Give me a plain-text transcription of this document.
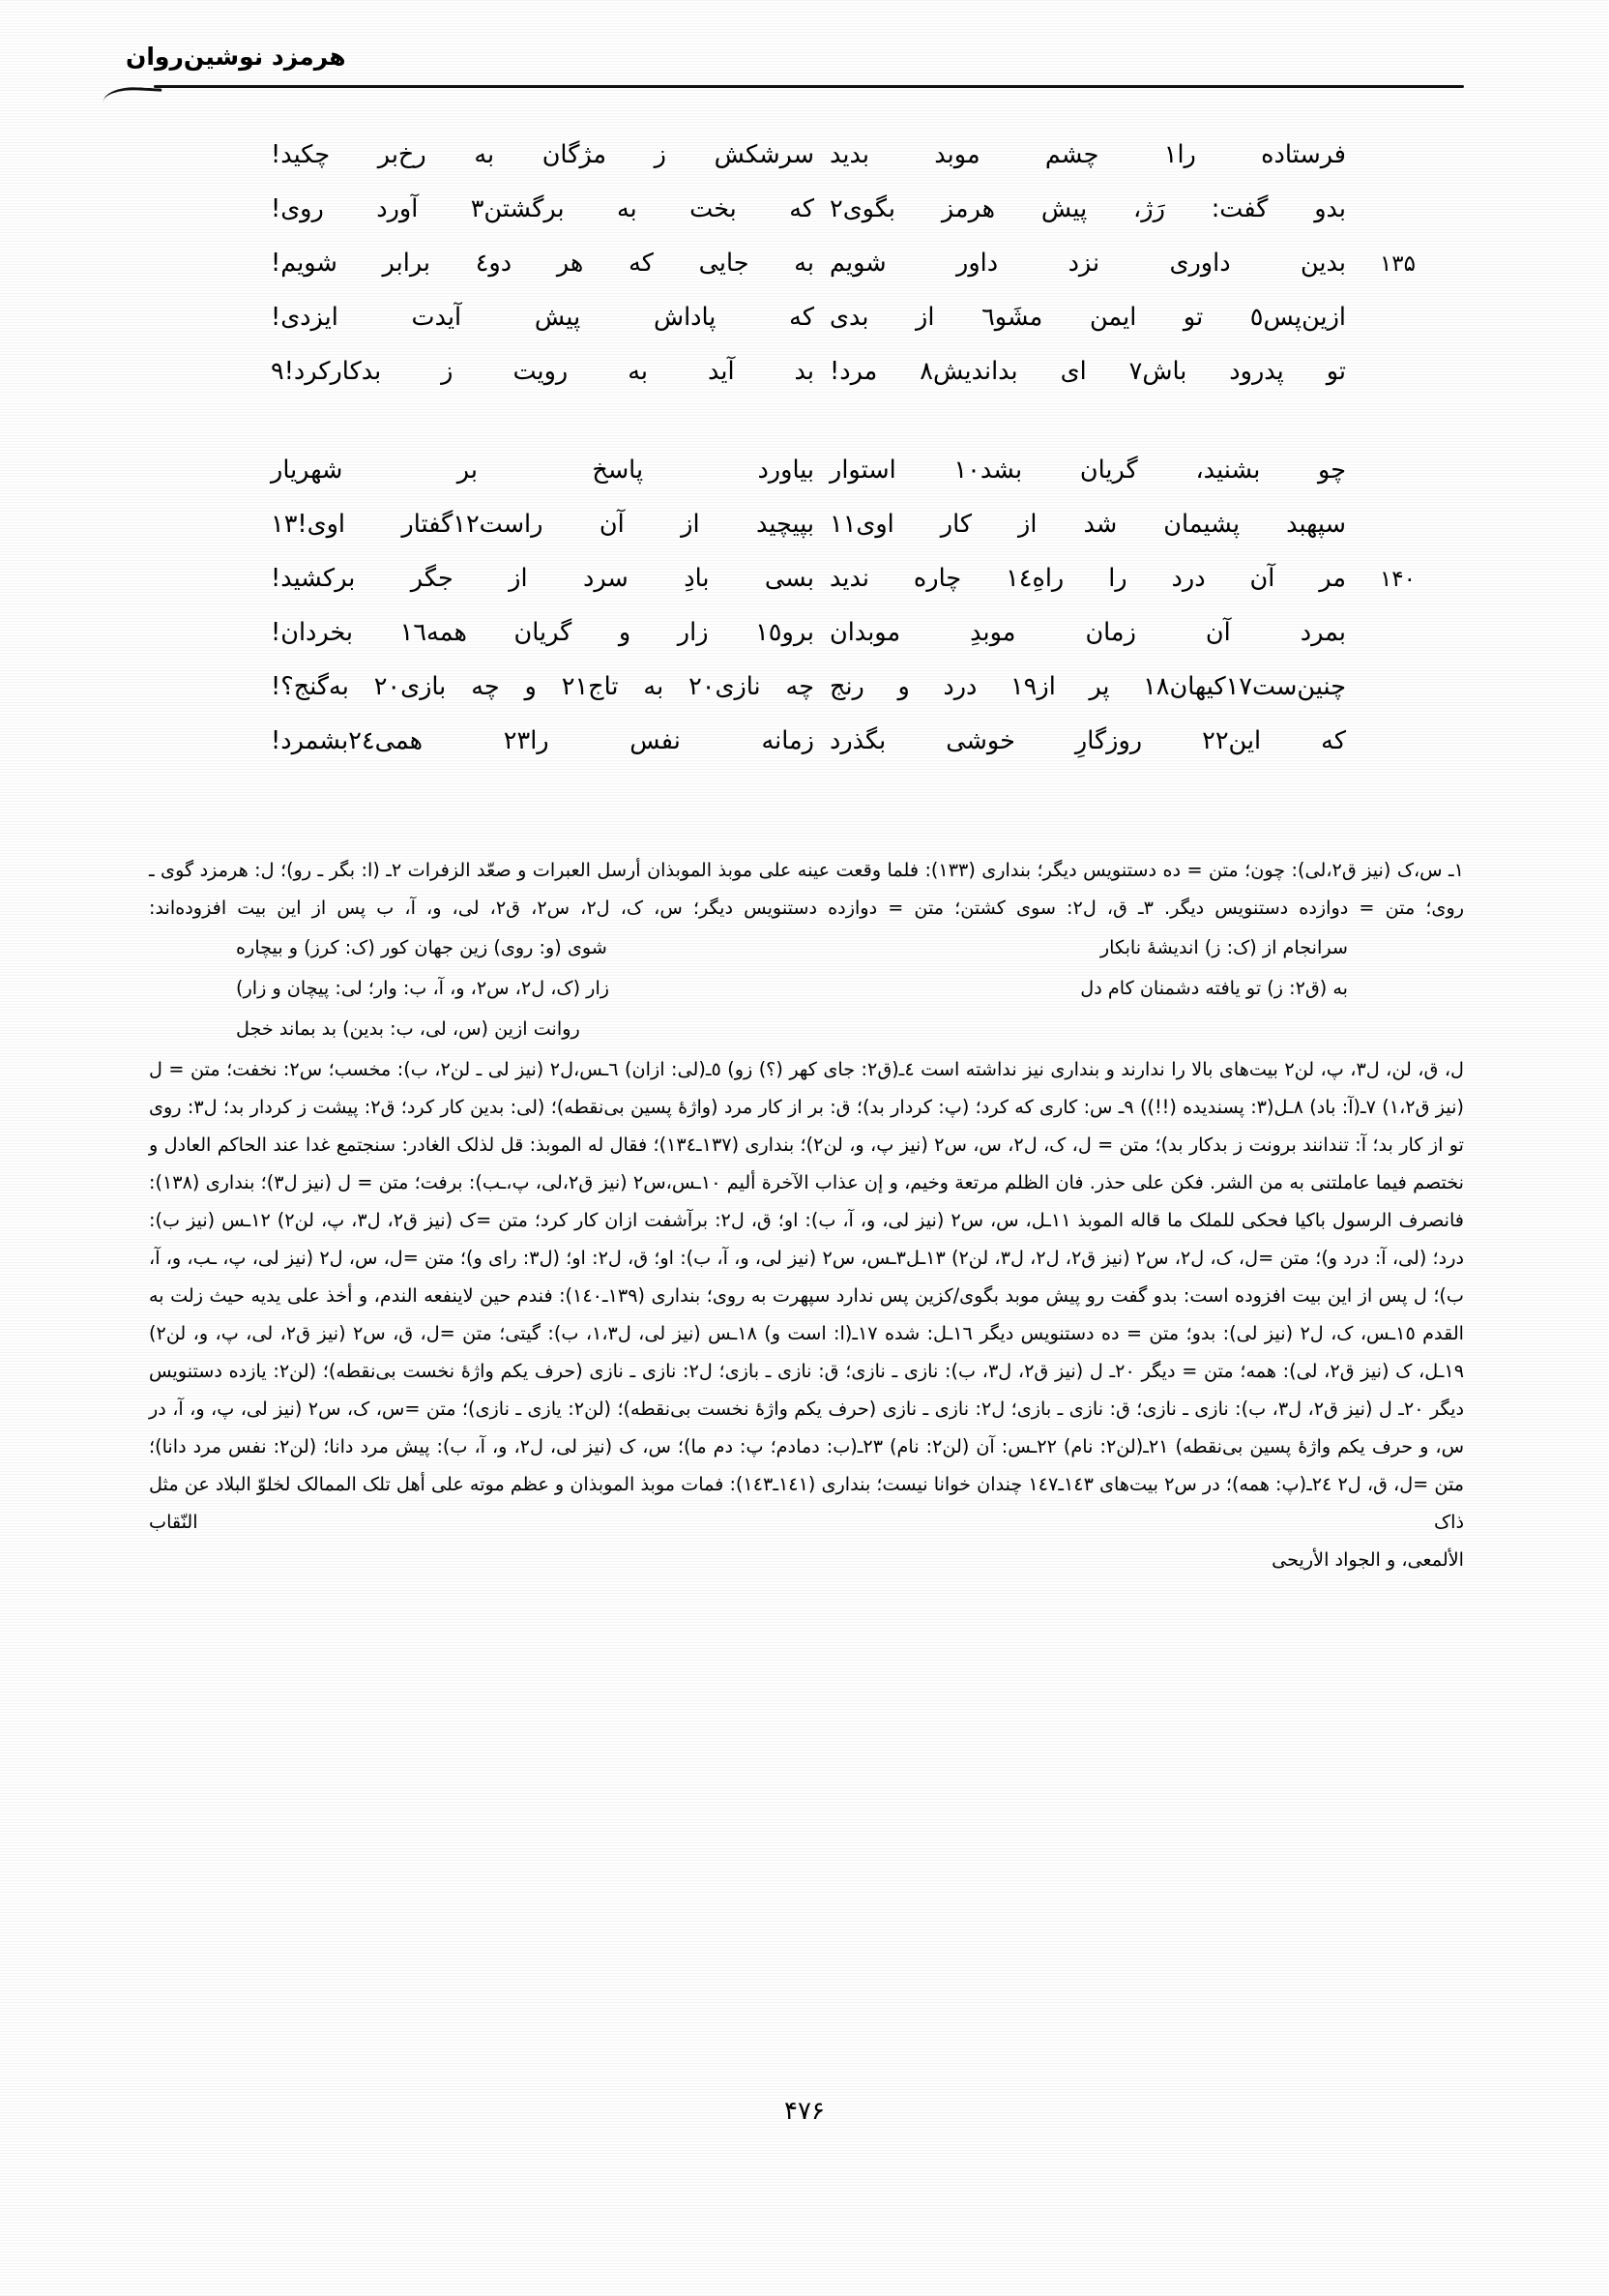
هرمزد نوشین‌روان
فرستاده را١ چشم موبد بدید
سرشکش ز مژگان به رخ‌بر چکید!
بدو گفت: رَژ، پیش هرمز بگوی٢
که بخت به برگشتن٣ آورد روی!
۱۳۵
بدین داوری نزد داور شویم
به جایی که هر دو٤ برابر شویم!
ازین‌پس٥ تو ایمن مشَو٦ از بدی
که پاداش پیش آیدت ایزدی!
تو پدرود باش٧ ای بداندیش٨ مرد!
بد آید به رویت ز بدکارکرد!٩
چو بشنید، گریان بشد١٠ استوار
بیاورد پاسخ بر شهریار
سپهبد پشیمان شد از کار اوی١١
بپیچید از آن راست١٢گفتار اوی!١٣
۱۴۰
مر آن درد را راهِ١٤ چاره ندید
بسی بادِ سرد از جگر برکشید!
بمرد آن زمان موبدِ موبدان
برو١٥ زار و گریان همه١٦ بخردان!
چنین‌ست١٧کیهان١٨ پر از١٩ درد و رنج
چه نازی٢٠ به تاج٢١ و چه بازی٢٠ به‌گنج؟!
که این٢٢ روزگارِ خوشی بگذرد
زمانه نفس را٢٣ همی٢٤بشمرد!

١ـ س،ک (نیز ق٢،لی): چون؛ متن = ده دستنویس دیگر؛ بنداری (١٣٣): فلما وقعت عینه علی موبذ الموبذان أرسل العبرات و صعّد الزفرات ٢ـ (ا: بگر ـ رو)؛ ل: هرمزد گوی ـ روی؛ متن = دوازده دستنویس دیگر. ٣ـ ق، ل٢: سوی کشتن؛ متن = دوازده دستنویس دیگر؛ س، ک، ل٢، س٢، ق٢، لی، و، آ، ب پس از این بیت افزوده‌اند:

سرانجام از (ک: ز) اندیشهٔ نابکار
شوی (و: روی) زین جهان کور (ک: کرز) و بیچاره
به (ق٢: ز) تو یافته دشمنان کام دل
زار (ک، ل٢، س٢، و، آ، ب: وار؛ لی: پیچان و زار)
روانت ازین (س، لی، ب: بدین) بد بماند خجل

ل، ق، لن، ل٣، پ، لن٢ بیت‌های بالا را ندارند و بنداری نیز نداشته است ٤ـ(ق٢: جای کهر (؟) زو) ٥ـ(لی: ازان) ٦ـس،ل٢ (نیز لی ـ لن٢، ب): مخسب؛ س٢: نخفت؛ متن = ل (نیز ق١،٢) ٧ـ(آ: باد) ٨ـل(٣: پسندیده (!!)) ٩ـ س: کاری که کرد؛ (پ: کردار بد)؛ ق: بر از کار مرد (واژهٔ پسین بی‌نقطه)؛ (لی: بدین کار کرد؛ ق٢: پیشت ز کردار بد؛ ل٣: روی تو از کار بد؛ آ: تندانند برونت ز بدکار بد)؛ متن = ل، ک، ل٢، س، س٢ (نیز پ، و، لن٢)؛ بنداری (١٣٧ـ١٣٤)؛ فقال له الموبذ: قل لذلک الغادر: سنجتمع غدا عند الحاکم العادل و نختصم فیما عاملتنی به من الشر. فکن علی حذر. فان الظلم مرتعة وخیم، و إن عذاب الآخرة ألیم ١٠ـس،س٢ (نیز ق٢،لی، پ،ـب): برفت؛ متن = ل (نیز ل٣)؛ بنداری (١٣٨): فانصرف الرسول باکیا فحکی للملک ما قاله الموبذ ١١ـل، س، س٢ (نیز لی، و، آ، ب): او؛ ق، ل٢: برآشفت ازان کار کرد؛ متن =ک (نیز ق٢، ل٣، پ، لن٢) ١٢ـس (نیز ب): درد؛ (لی، آ: درد و)؛ متن =ل، ک، ل٢، س٢ (نیز ق٢، ل٢، ل٣، لن٢) ١٣ـل٣ـس، س٢ (نیز لی، و، آ، ب): او؛ ق، ل٢: او؛ (ل٣: رای و)؛ متن =ل، س، ل٢ (نیز لی، پ، ـب، و، آ، ب)؛ ل پس از این بیت افزوده است: بدو گفت رو پیش موبد بگوی/کزین پس ندارد سپهرت به روی؛ بنداری (١٣٩ـ١٤٠): فندم حین لاینفعه الندم، و أخذ علی یدیه حیث زلت به القدم ١٥ـس، ک، ل٢ (نیز لی): بدو؛ متن = ده دستنویس دیگر ١٦ـل: شده ١٧ـ(ا: است و) ١٨ـس (نیز لی، ل١،٣، ب): گیتی؛ متن =ل، ق، س٢ (نیز ق٢، لی، پ، و، لن٢) ١٩ـل، ک (نیز ق٢، لی): همه؛ متن = دیگر ٢٠ـ ل (نیز ق٢، ل٣، ب): نازی ـ نازی؛ ق: نازی ـ بازی؛ ل٢: نازی ـ نازی (حرف یکم واژهٔ نخست بی‌نقطه)؛ (لن٢: یازده دستنویس دیگر ٢٠ـ ل (نیز ق٢، ل٣، ب): نازی ـ نازی؛ ق: نازی ـ بازی؛ ل٢: نازی ـ نازی (حرف یکم واژهٔ نخست بی‌نقطه)؛ (لن٢: یازی ـ نازی)؛ متن =س، ک، س٢ (نیز لی، پ، و، آ، در س، و حرف یکم واژهٔ پسین بی‌نقطه) ٢١ـ(لن٢: نام) ٢٢ـس: آن (لن٢: نام) ٢٣ـ(ب: دمادم؛ پ: دم ما)؛ س، ک (نیز لی، ل٢، و، آ، ب): پیش مرد دانا؛ (لن٢: نفس مرد دانا)؛ متن =ل، ق، ل٢ ٢٤ـ(پ: همه)؛ در س٢ بیت‌های ١٤٣ـ١٤٧ چندان خوانا نیست؛ بنداری (١٤١ـ١٤٣): فمات موبذ الموبذان و عظم موته علی أهل تلک الممالک لخلوّ البلاد عن مثل ذاک النّقاب

الألمعی، و الجواد الأریحی

۴۷۶
